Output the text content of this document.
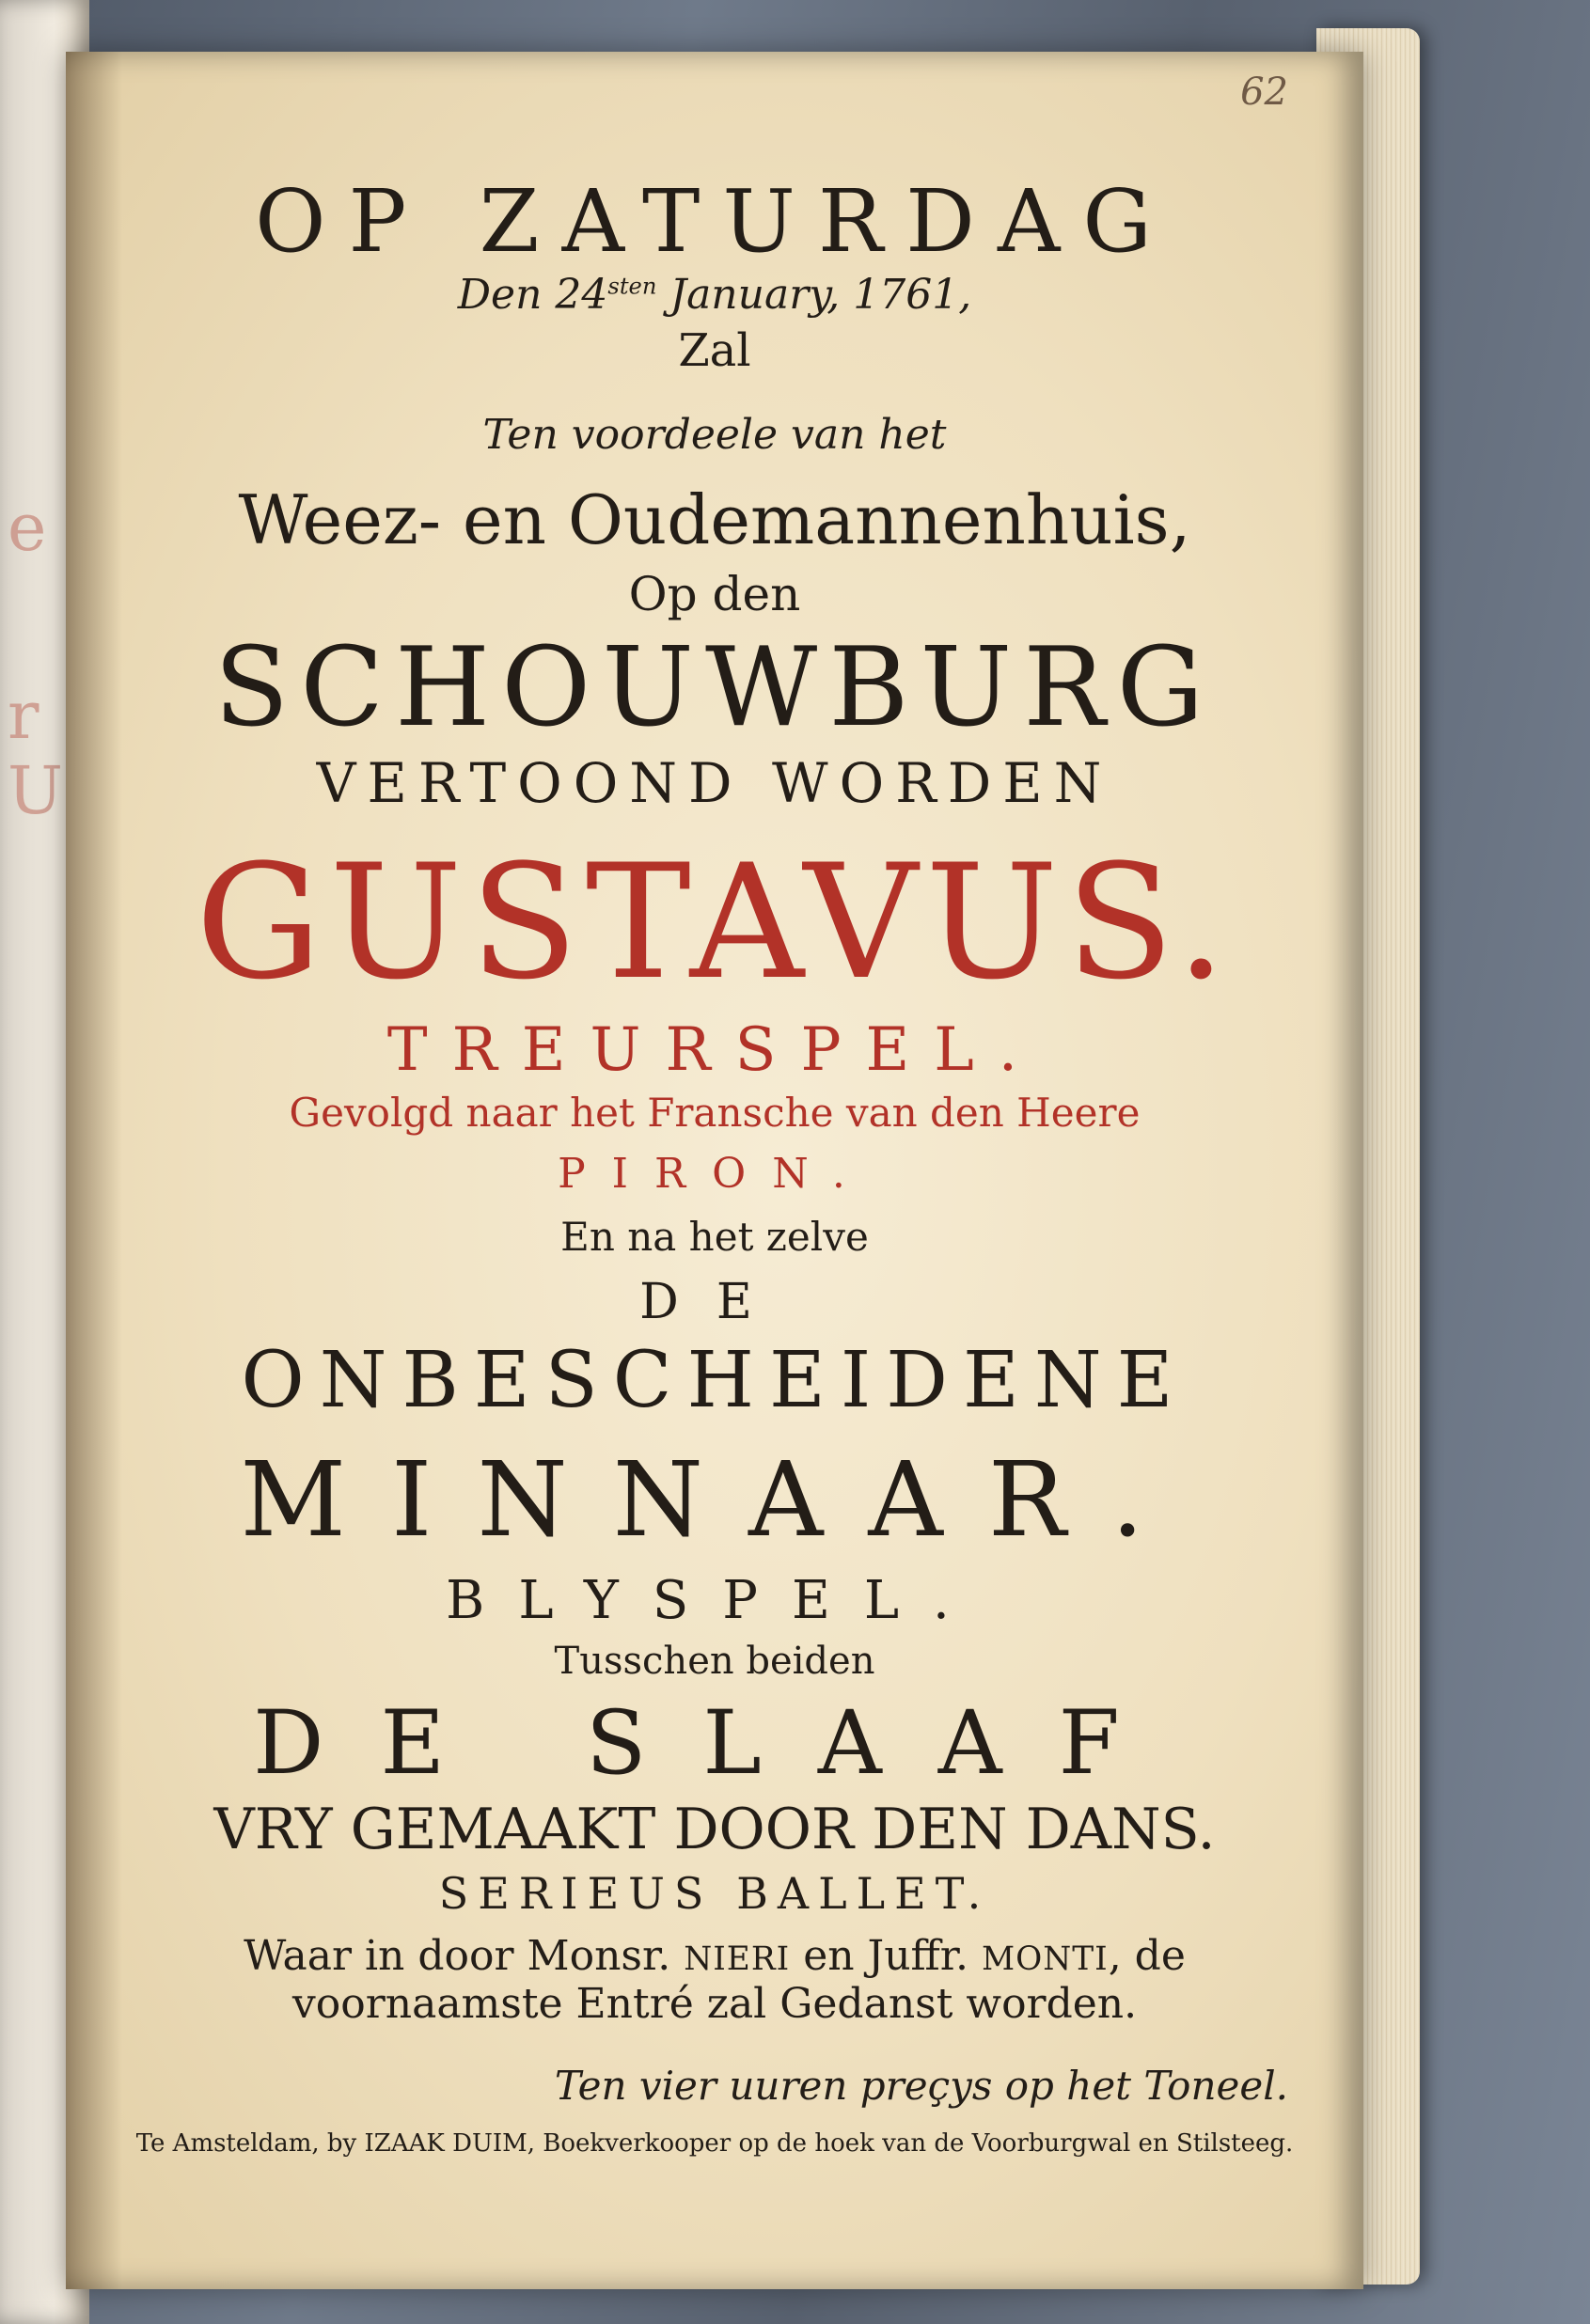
e
r
U
62
OP ZATURDAG
Den $24^{sten}$ January, 1761,
Zal
Ten voordeele van het
Weez- en Oudemannenhuis,
Op den
SCHOUWBURG
VERTOOND WORDEN
GUSTAVUS.
TREURSPEL.
Gevolgd naar het Fransche van den Heere
PIRON.
En na het zelve
DE
ONBESCHEIDENE
MINNAAR.
BLYSPEL.
Tusschen beiden
DE SLAAF
VRY GEMAAKT DOOR DEN DANS.
SERIEUS BALLET.
Waar in door Monsr. NIERI en Juffr. MONTI, de
voornaamste Entré zal Gedanst worden.
Ten vier uuren preçys op het Toneel.
Te Amsteldam, by IZAAK DUIM, Boekverkooper op de hoek van de Voorburgwal en Stilsteeg.
